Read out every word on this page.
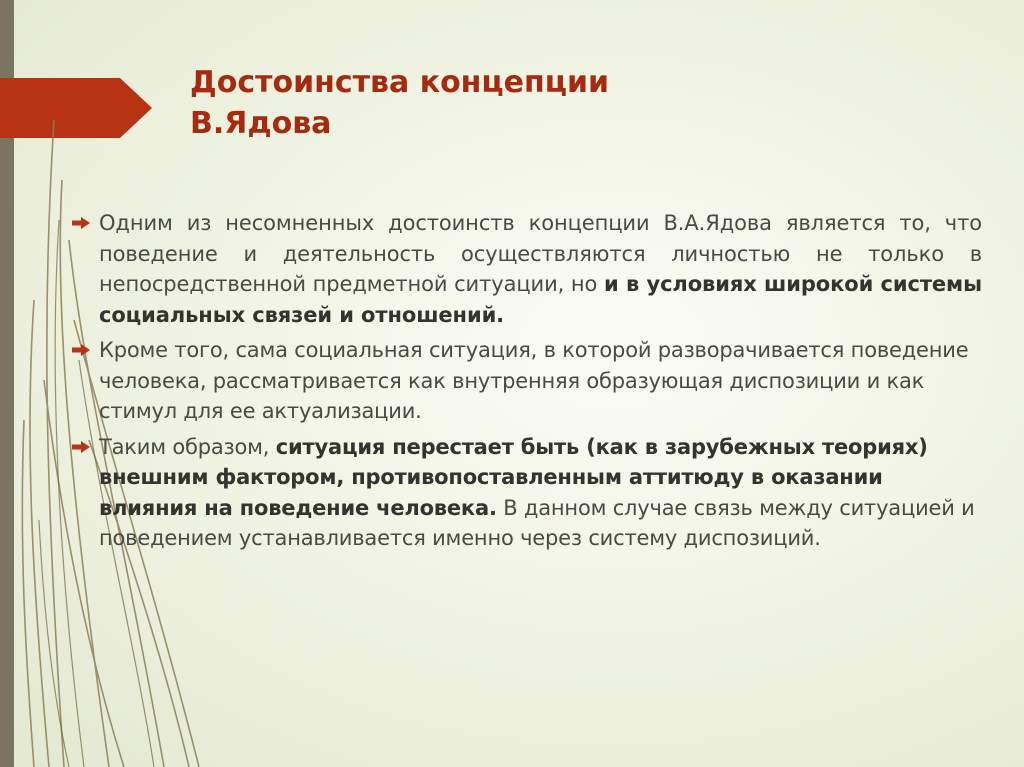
Достоинства концепции
В.Ядова
Одним из несомненных достоинств концепции В.А.Ядова является то, что поведение и деятельность осуществляются личностью не только в непосредственной предметной ситуации, но и в условиях широкой системы социальных связей и отношений.
Кроме того, сама социальная ситуация, в которой разворачивается поведение человека, рассматривается как внутренняя образующая диспозиции и как стимул для ее актуализации.
Таким образом, ситуация перестает быть (как в зарубежных теориях) внешним фактором, противопоставленным аттитюду в оказании влияния на поведение человека. В данном случае связь между ситуацией и поведением устанавливается именно через систему диспозиций.
